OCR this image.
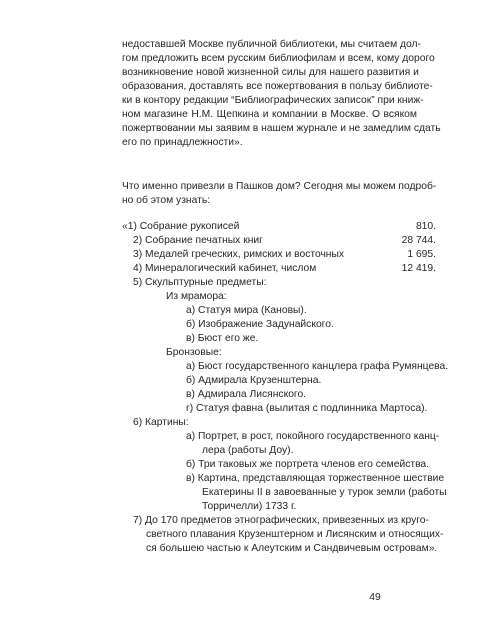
недоставшей Москве публичной библиотеки, мы считаем дол-
гом предложить всем русским библиофилам и всем, кому дорого
возникновение новой жизненной силы для нашего развития и
образования, доставлять все пожертвования в пользу библиоте-
ки в контору редакции “Библиографических записок” при книж-
ном магазине Н.М. Щепкина и компании в Москве. О всяком
пожертвовании мы заявим в нашем журнале и не замедлим сдать
его по принадлежности».
Что именно привезли в Пашков дом? Сегодня мы можем подроб-
но об этом узнать:
«1) Собрание рукописей	810.
2) Собрание печатных книг	28 744.
3) Медалей греческих, римских и восточных	1 695.
4) Минералогический кабинет, числом	12 419.
5) Скульптурные предметы:
Из мрамора:
а) Статуя мира (Кановы).
б) Изображение Задунайского.
в) Бюст его же.
Бронзовые:
а) Бюст государственного канцлера графа Румянцева.
б) Адмирала Крузенштерна.
в) Адмирала Лисянского.
г) Статуя фавна (вылитая с подлинника Мартоса).
6) Картины:
а) Портрет, в рост, покойного государственного канц-
лера (работы Доу).
б) Три таковых же портрета членов его семейства.
в) Картина, представляющая торжественное шествие
Екатерины II в завоеванные у турок земли (работы
Торричелли) 1733 г.
7) До 170 предметов этнографических, привезенных из круго-
светного плавания Крузенштерном и Лисянским и относящих-
ся большею частью к Алеутским и Сандвичевым островам».
49
